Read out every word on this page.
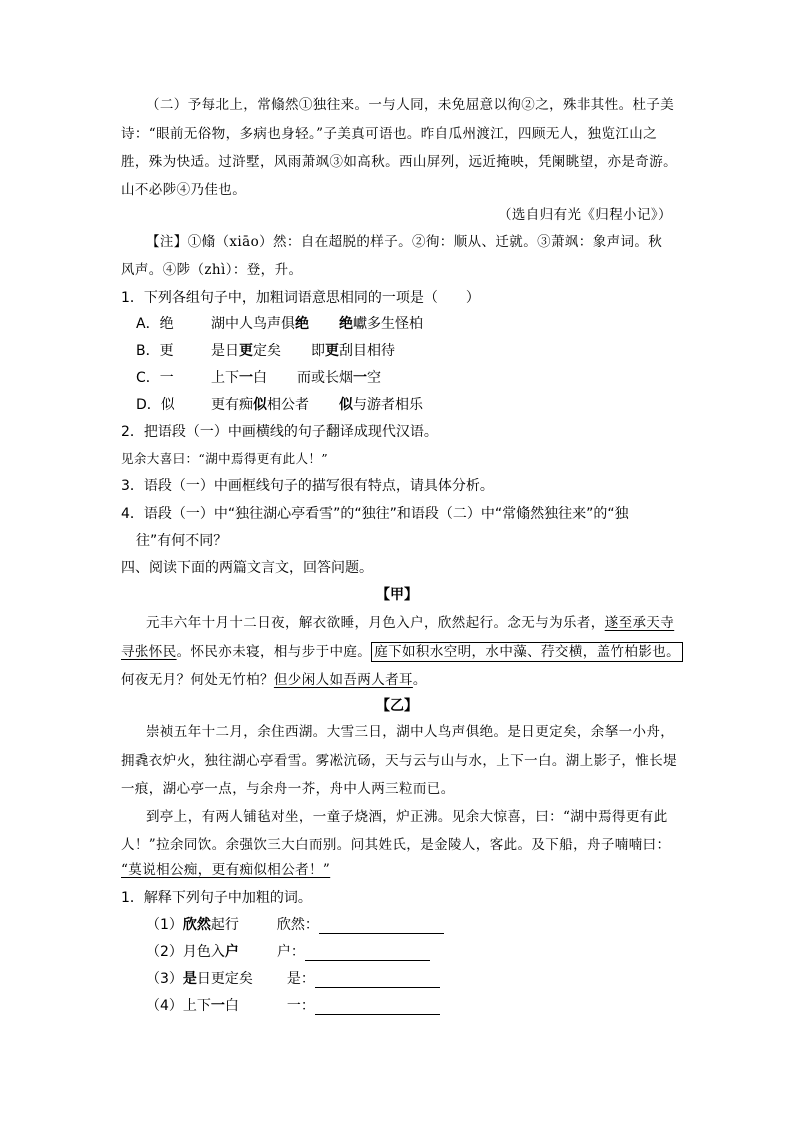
（二）予每北上，常翛然①独往来。一与人同，未免屈意以徇②之，殊非其性。杜子美
诗：“眼前无俗物，多病也身轻。”子美真可语也。昨自瓜州渡江，四顾无人，独览江山之
胜，殊为快适。过浒墅，风雨萧飒③如高秋。西山屏列，远近掩映，凭阑眺望，亦是奇游。
山不必陟④乃佳也。
（选自归有光《归程小记》）
【注】①翛（xiāo）然：自在超脱的样子。②徇：顺从、迁就。③萧飒：象声词。秋
风声。④陟（zhì）：登，升。
1．下列各组句子中，加粗词语意思相同的一项是（　　）
A．绝	湖中人鸟声俱绝 绝巘多生怪柏
B．更	是日更定矣 即更刮目相待
C．一	上下一白 而或长烟一空
D．似	更有痴似相公者 似与游者相乐
2．把语段（一）中画横线的句子翻译成现代汉语。
见余大喜曰：“湖中焉得更有此人！”
3．语段（一）中画框线句子的描写很有特点，请具体分析。
4．语段（一）中“独往湖心亭看雪”的“独往”和语段（二）中“常翛然独往来”的“独
往”有何不同？
四、阅读下面的两篇文言文，回答问题。
【甲】
元丰六年十月十二日夜，解衣欲睡，月色入户，欣然起行。念无与为乐者，遂至承天寺
寻张怀民。怀民亦未寝，相与步于中庭。 庭下如积水空明，水中藻、荇交横，盖竹柏影也。
何夜无月？何处无竹柏？但少闲人如吾两人者耳。
【乙】
崇祯五年十二月，余住西湖。大雪三日，湖中人鸟声俱绝。是日更定矣，余拏一小舟，
拥毳衣炉火，独往湖心亭看雪。雾凇沆砀，天与云与山与水，上下一白。湖上影子，惟长堤
一痕，湖心亭一点，与余舟一芥，舟中人两三粒而已。
到亭上，有两人铺毡对坐，一童子烧酒，炉正沸。见余大惊喜，曰：“湖中焉得更有此
人！”拉余同饮。余强饮三大白而别。问其姓氏，是金陵人，客此。及下船，舟子喃喃曰：
“莫说相公痴，更有痴似相公者！”
1．解释下列句子中加粗的词。
（1）欣然起行	欣然：
（2）月色入户	户：
（3）是日更定矣 是：
（4）上下一白	一：
